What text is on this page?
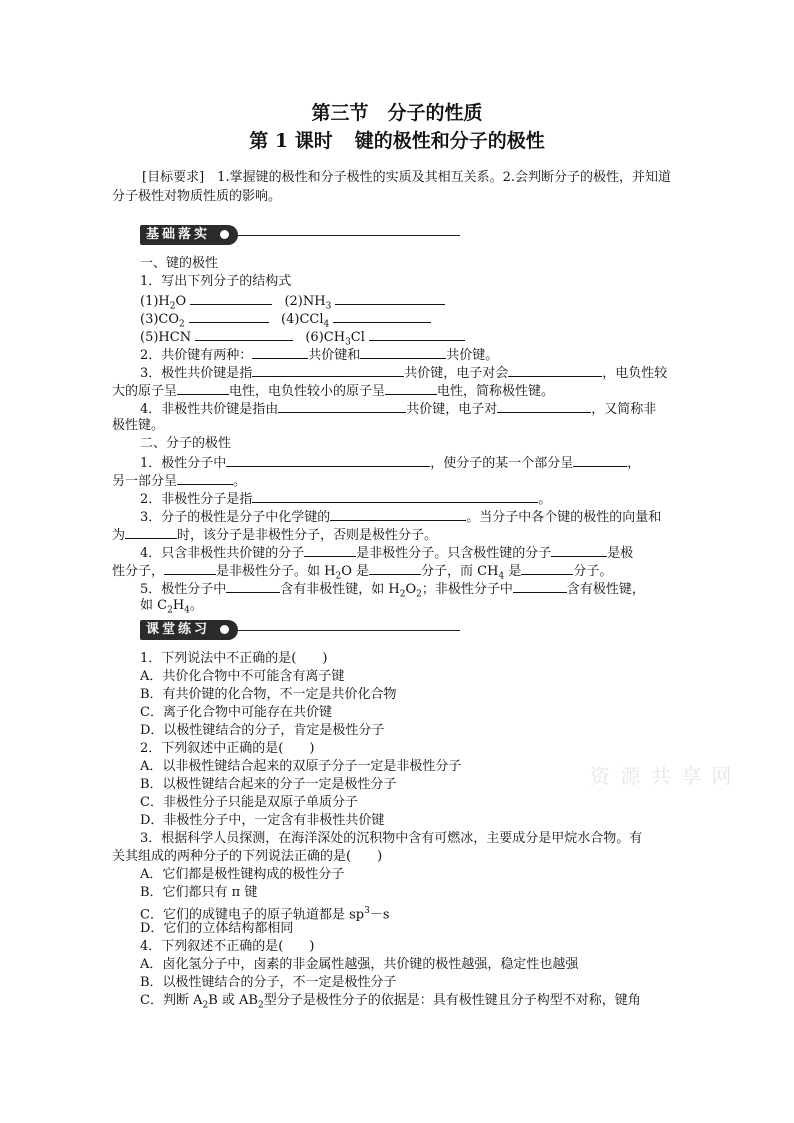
第三节　分子的性质
第 1 课时 键的极性和分子的极性
[目标要求]　 1.掌握键的极性和分子极性的实质及其相互关系。2.会判断分子的极性，并知道分子极性对物质性质的影响。
基础落实
一、键的极性
1．写出下列分子的结构式
$(1)H_2O$	$(2)NH_3$
$(3)CO_2$	(4)CCl$_4$
(5)HCN	$(6)CH_3Cl$
2．共价键有两种：	共价键和	共价键。
3．极性共价键是指	共价键，电子对会	，电负性较
大的原子呈	电性，电负性较小的原子呈	电性，简称极性键。
4．非极性共价键是指由	共价键，电子对	，又简称非
极性键。
二、分子的极性
1．极性分子中	，使分子的某一个部分呈	，
另一部分呈	。
2．非极性分子是指	。
3．分子的极性是分子中化学键的	。当分子中各个键的极性的向量和
为	时，该分子是非极性分子，否则是极性分子。
4．只含非极性共价键的分子	是非极性分子。只含极性键的分子	是极
性分子，	是非极性分子。如 $H_2O$ 是	分子，而 $CH_4$ 是	分子。
5．极性分子中	含有非极性键，如 $H_2O_2$；非极性分子中	含有极性键，
如 $C_2H_4$。
课堂练习
1．下列说法中不正确的是(　　)
A．共价化合物中不可能含有离子键
B．有共价键的化合物，不一定是共价化合物
C．离子化合物中可能存在共价键
D．以极性键结合的分子，肯定是极性分子
2．下列叙述中正确的是(　　)
A．以非极性键结合起来的双原子分子一定是非极性分子
B．以极性键结合起来的分子一定是极性分子
C．非极性分子只能是双原子单质分子
D．非极性分子中，一定含有非极性共价键
3．根据科学人员探测，在海洋深处的沉积物中含有可燃冰，主要成分是甲烷水合物。有
关其组成的两种分子的下列说法正确的是(　　)
A．它们都是极性键构成的极性分子
B．它们都只有 π 键
C．它们的成键电子的原子轨道都是 $sp^3-s$
D．它们的立体结构都相同
4．下列叙述不正确的是(　　)
A．卤化氢分子中，卤素的非金属性越强，共价键的极性越强，稳定性也越强
B．以极性键结合的分子，不一定是极性分子
C．判断 $A_2B$ 或 $AB_2$型分子是极性分子的依据是：具有极性键且分子构型不对称，键角
资 源 共 享 网
